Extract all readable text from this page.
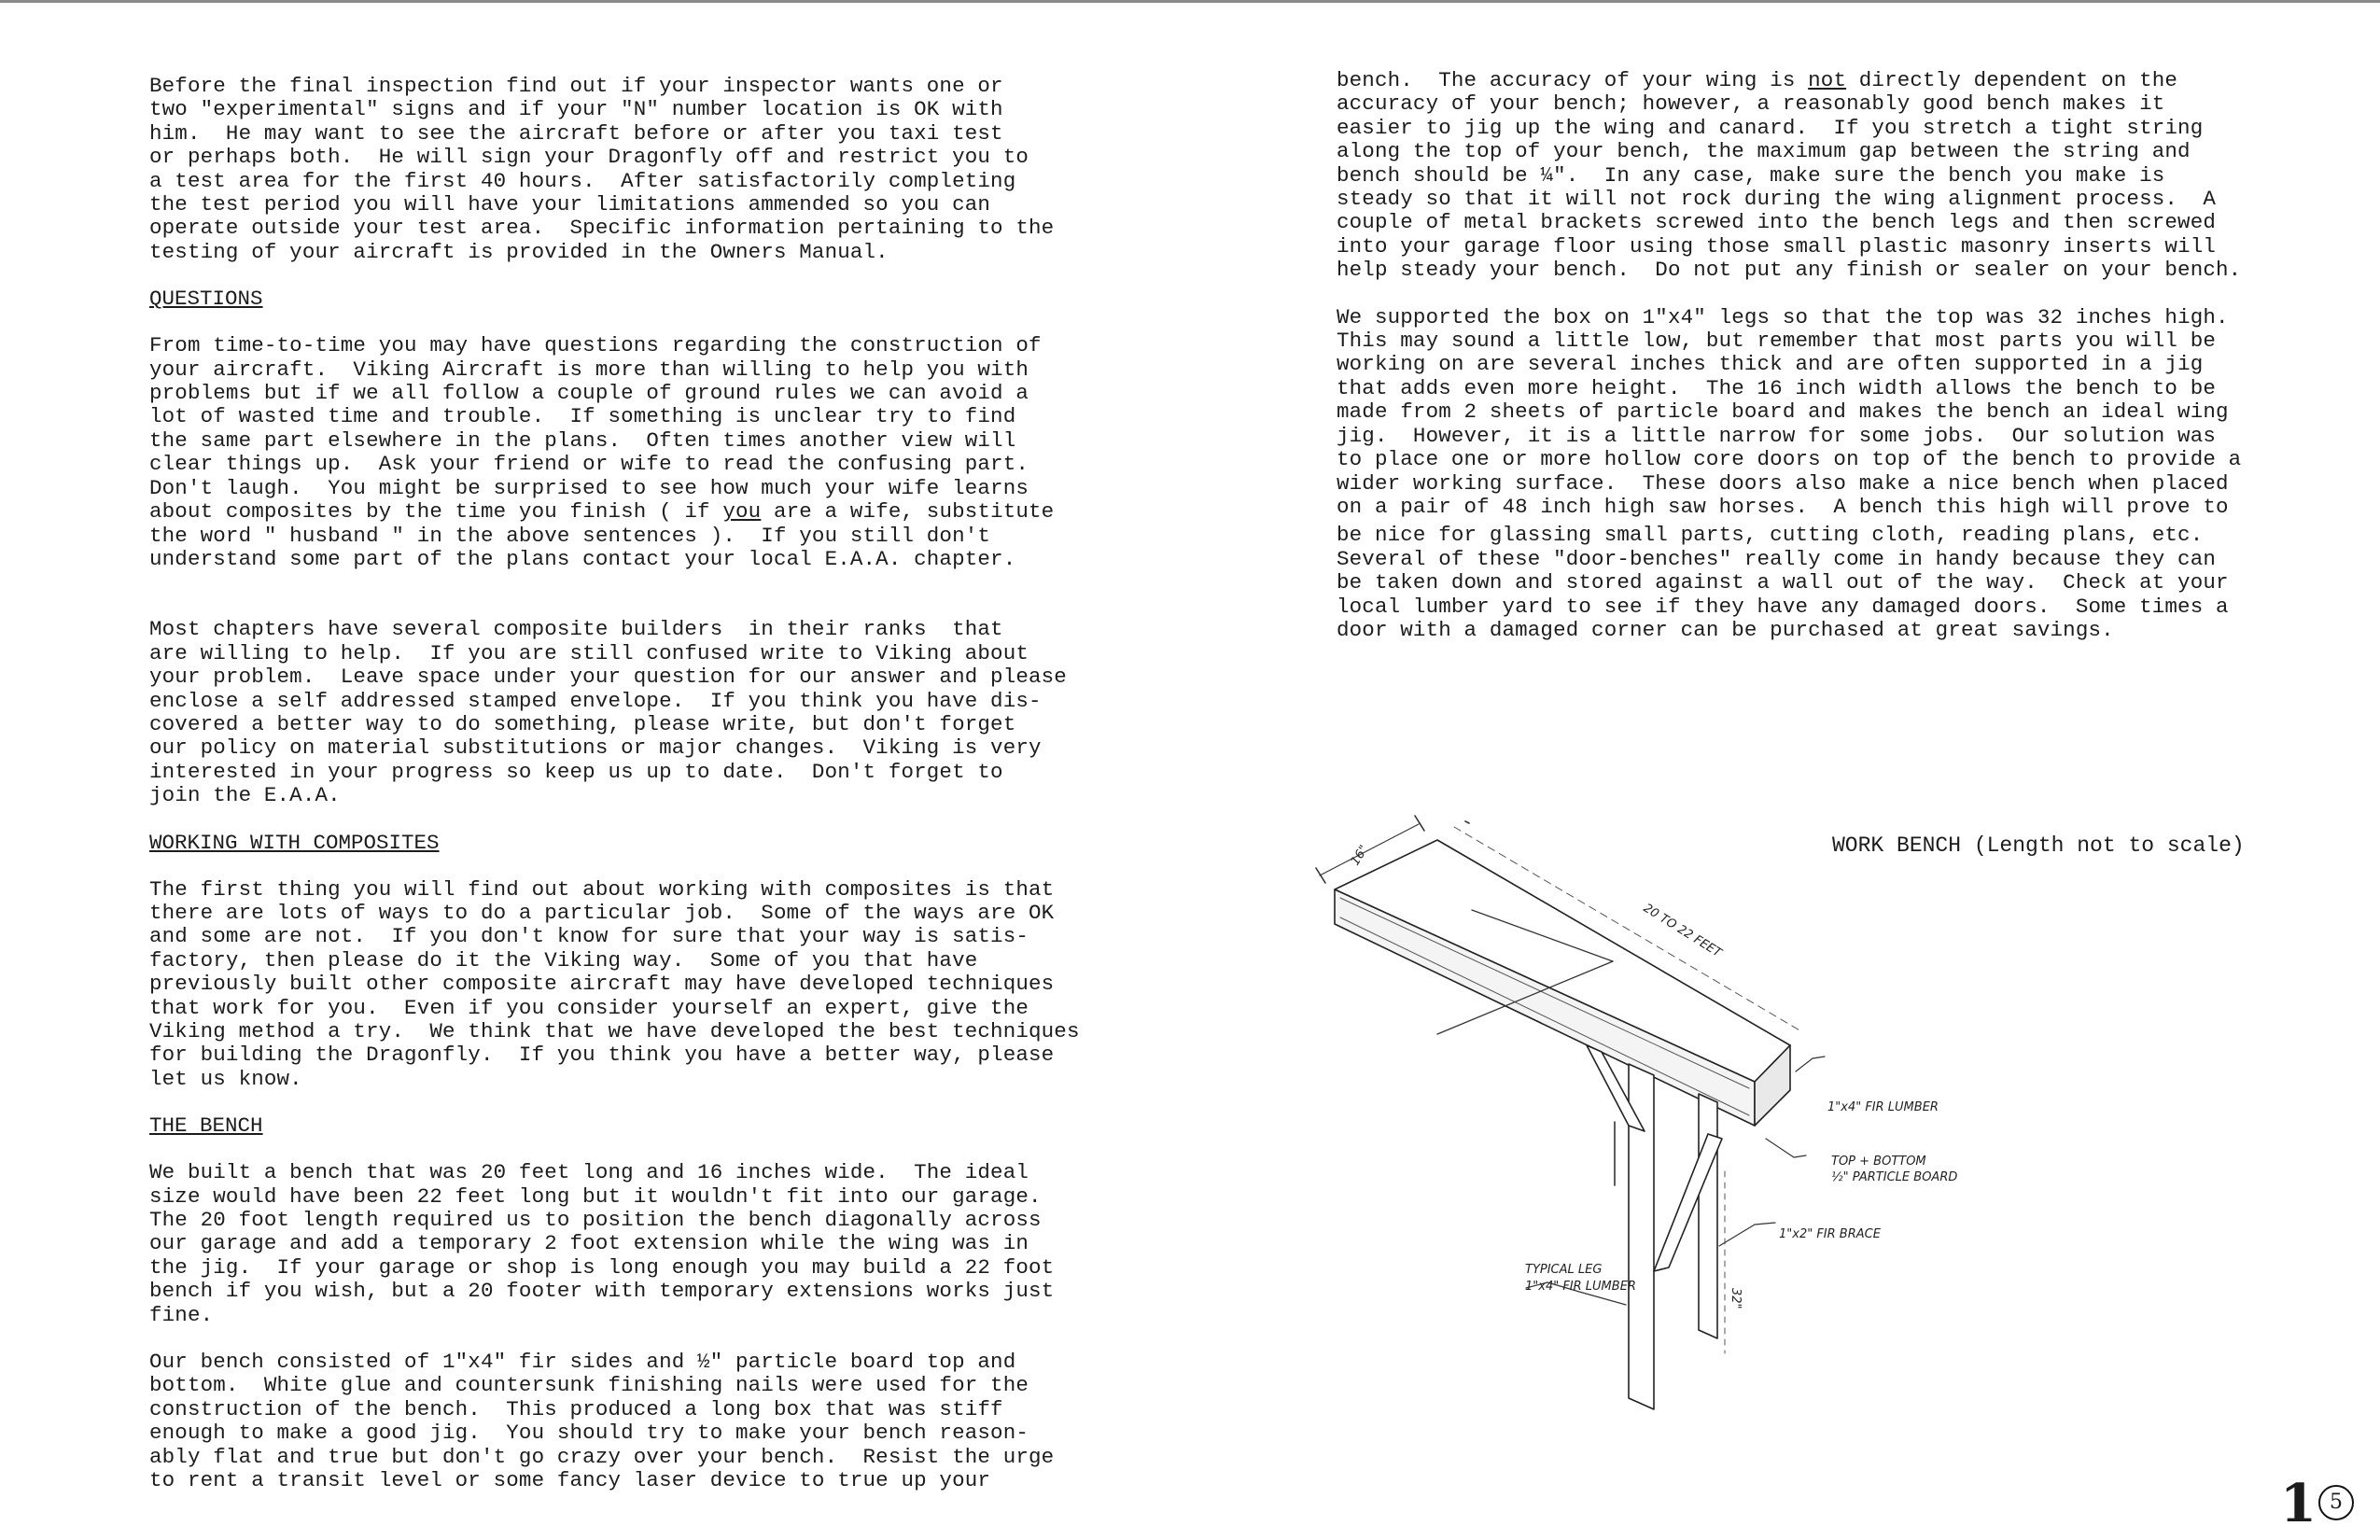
Before the final inspection find out if your inspector wants one or
two "experimental" signs and if your "N" number location is OK with
him.  He may want to see the aircraft before or after you taxi test
or perhaps both.  He will sign your Dragonfly off and restrict you to
a test area for the first 40 hours.  After satisfactorily completing
the test period you will have your limitations ammended so you can
operate outside your test area.  Specific information pertaining to the
testing of your aircraft is provided in the Owners Manual.
QUESTIONS
From time-to-time you may have questions regarding the construction of
your aircraft.  Viking Aircraft is more than willing to help you with
problems but if we all follow a couple of ground rules we can avoid a
lot of wasted time and trouble.  If something is unclear try to find
the same part elsewhere in the plans.  Often times another view will
clear things up.  Ask your friend or wife to read the confusing part.
Don't laugh.  You might be surprised to see how much your wife learns
about composites by the time you finish ( if you are a wife, substitute
the word " husband " in the above sentences ).  If you still don't
understand some part of the plans contact your local E.A.A. chapter.
Most chapters have several composite builders  in their ranks  that
are willing to help.  If you are still confused write to Viking about
your problem.  Leave space under your question for our answer and please
enclose a self addressed stamped envelope.  If you think you have dis-
covered a better way to do something, please write, but don't forget
our policy on material substitutions or major changes.  Viking is very
interested in your progress so keep us up to date.  Don't forget to
join the E.A.A.
WORKING WITH COMPOSITES
The first thing you will find out about working with composites is that
there are lots of ways to do a particular job.  Some of the ways are OK
and some are not.  If you don't know for sure that your way is satis-
factory, then please do it the Viking way.  Some of you that have
previously built other composite aircraft may have developed techniques
that work for you.  Even if you consider yourself an expert, give the
Viking method a try.  We think that we have developed the best techniques
for building the Dragonfly.  If you think you have a better way, please
let us know.
THE BENCH
We built a bench that was 20 feet long and 16 inches wide.  The ideal
size would have been 22 feet long but it wouldn't fit into our garage.
The 20 foot length required us to position the bench diagonally across
our garage and add a temporary 2 foot extension while the wing was in
the jig.  If your garage or shop is long enough you may build a 22 foot
bench if you wish, but a 20 footer with temporary extensions works just
fine.
Our bench consisted of 1"x4" fir sides and ½" particle board top and
bottom.  White glue and countersunk finishing nails were used for the
construction of the bench.  This produced a long box that was stiff
enough to make a good jig.  You should try to make your bench reason-
ably flat and true but don't go crazy over your bench.  Resist the urge
to rent a transit level or some fancy laser device to true up your
bench.  The accuracy of your wing is not directly dependent on the
accuracy of your bench; however, a reasonably good bench makes it
easier to jig up the wing and canard.  If you stretch a tight string
along the top of your bench, the maximum gap between the string and
bench should be ¼".  In any case, make sure the bench you make is
steady so that it will not rock during the wing alignment process.  A
couple of metal brackets screwed into the bench legs and then screwed
into your garage floor using those small plastic masonry inserts will
help steady your bench.  Do not put any finish or sealer on your bench.
We supported the box on 1"x4" legs so that the top was 32 inches high.
This may sound a little low, but remember that most parts you will be
working on are several inches thick and are often supported in a jig
that adds even more height.  The 16 inch width allows the bench to be
made from 2 sheets of particle board and makes the bench an ideal wing
jig.  However, it is a little narrow for some jobs.  Our solution was
to place one or more hollow core doors on top of the bench to provide a
wider working surface.  These doors also make a nice bench when placed
on a pair of 48 inch high saw horses.  A bench this high will prove to
be nice for glassing small parts, cutting cloth, reading plans, etc.
Several of these "door-benches" really come in handy because they can
be taken down and stored against a wall out of the way.  Check at your
local lumber yard to see if they have any damaged doors.  Some times a
door with a damaged corner can be purchased at great savings.
WORK BENCH (Length not to scale)
16"
20 TO 22 FEET
32"
1"x4" FIR LUMBER
TOP + BOTTOM
½" PARTICLE BOARD
1"x2" FIR BRACE
TYPICAL LEG
1"x4" FIR LUMBER
1 5
